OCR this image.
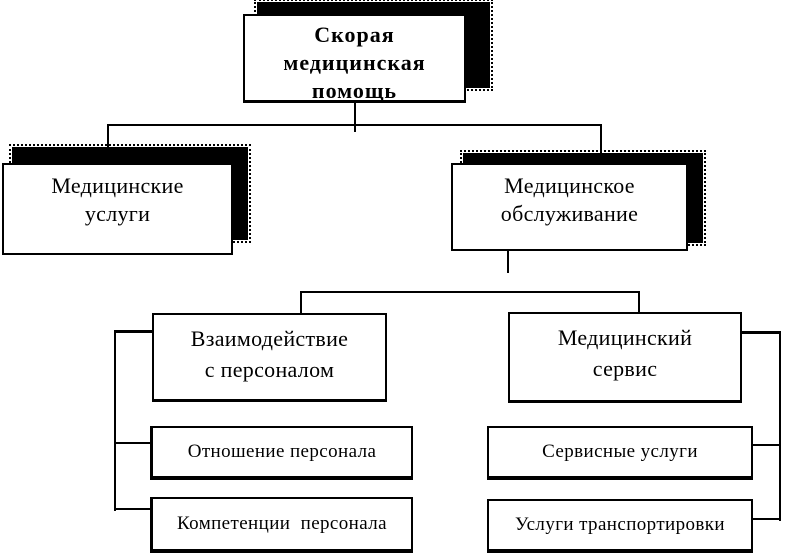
Скорая
медицинская
помощь
Медицинские
услуги
Медицинское
обслуживание
Взаимодействие
с персоналом
Медицинский
сервис
Отношение персонала
Компетенции  персонала
Сервисные услуги
Услуги транспортировки
